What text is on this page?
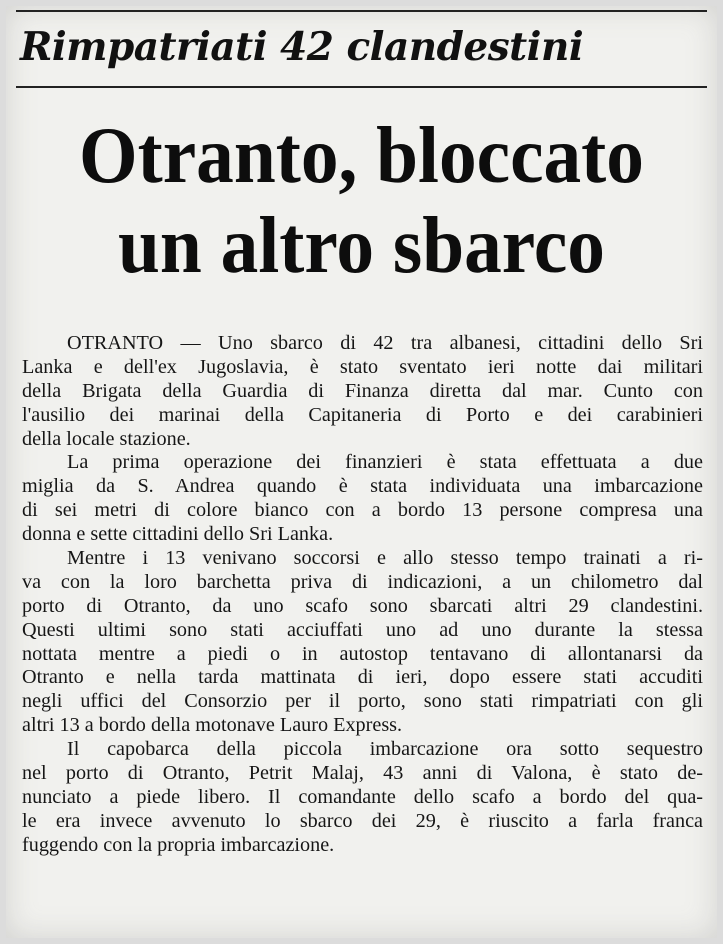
Rimpatriati 42 clandestini
Otranto, bloccato
un altro sbarco
OTRANTO — Uno sbarco di 42 tra albanesi, cittadini dello Sri
Lanka e dell'ex Jugoslavia, è stato sventato ieri notte dai militari
della Brigata della Guardia di Finanza diretta dal mar. Cunto con
l'ausilio dei marinai della Capitaneria di Porto e dei carabinieri
della locale stazione.
La prima operazione dei finanzieri è stata effettuata a due
miglia da S. Andrea quando è stata individuata una imbarcazione
di sei metri di colore bianco con a bordo 13 persone compresa una
donna e sette cittadini dello Sri Lanka.
Mentre i 13 venivano soccorsi e allo stesso tempo trainati a ri-
va con la loro barchetta priva di indicazioni, a un chilometro dal
porto di Otranto, da uno scafo sono sbarcati altri 29 clandestini.
Questi ultimi sono stati acciuffati uno ad uno durante la stessa
nottata mentre a piedi o in autostop tentavano di allontanarsi da
Otranto e nella tarda mattinata di ieri, dopo essere stati accuditi
negli uffici del Consorzio per il porto, sono stati rimpatriati con gli
altri 13 a bordo della motonave Lauro Express.
Il capobarca della piccola imbarcazione ora sotto sequestro
nel porto di Otranto, Petrit Malaj, 43 anni di Valona, è stato de-
nunciato a piede libero. Il comandante dello scafo a bordo del qua-
le era invece avvenuto lo sbarco dei 29, è riuscito a farla franca
fuggendo con la propria imbarcazione.
